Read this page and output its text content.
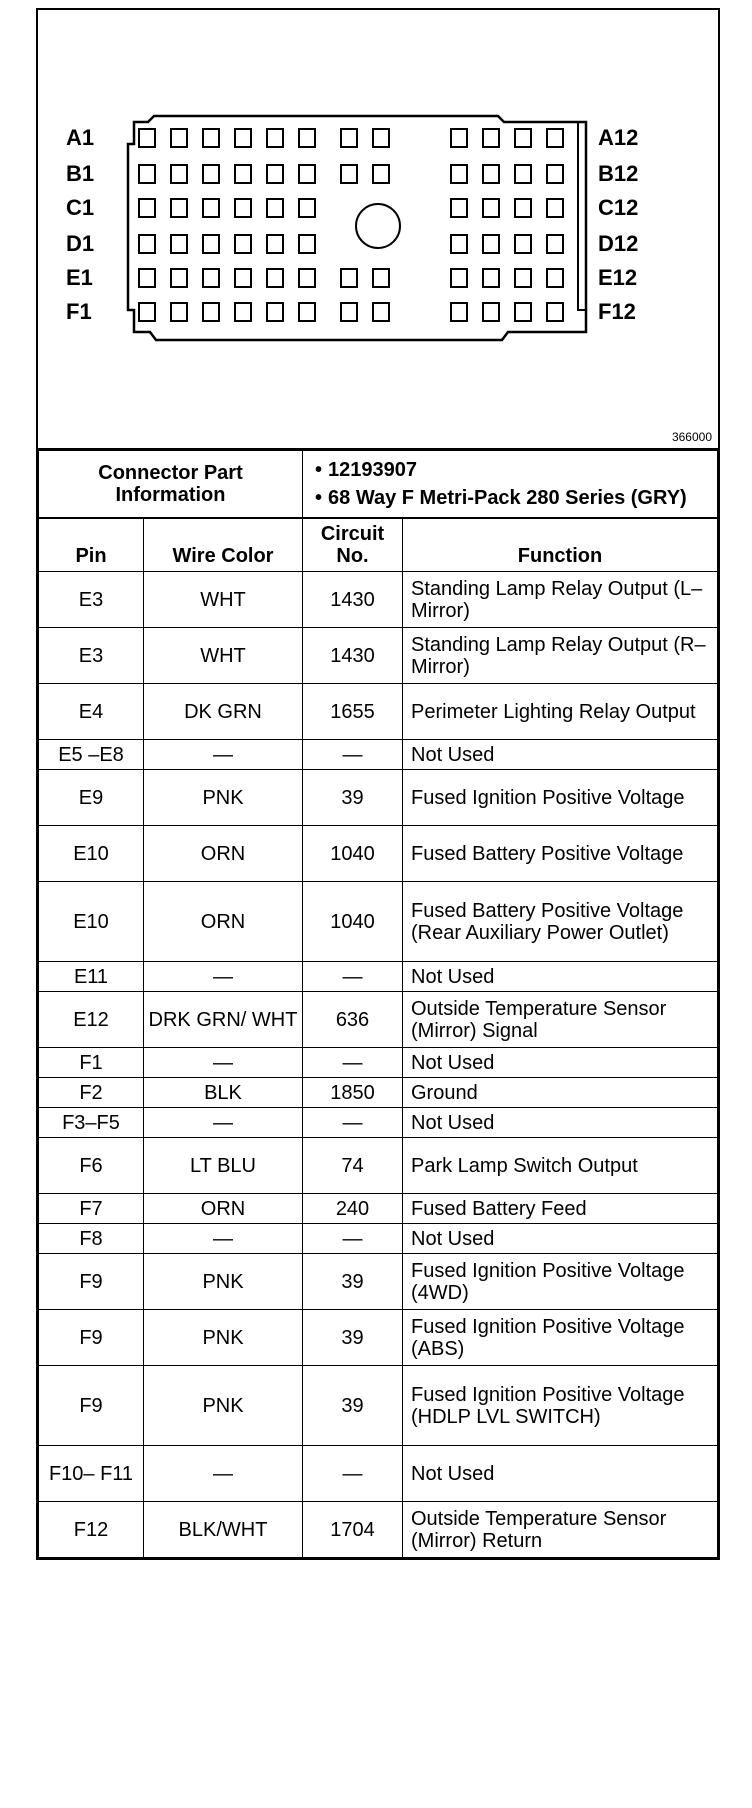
A1
B1
C1
D1
E1
F1
A12
B12
C12
D12
E12
F12
366000
Connector Part Information	
• 12193907
• 68 Way F Metri-Pack 280 Series (GRY)
Pin	Wire Color	Circuit No.	Function
E3	WHT	1430	Standing Lamp Relay Output (L–Mirror)
E3	WHT	1430	Standing Lamp Relay Output (R–Mirror)
E4	DK GRN	1655	Perimeter Lighting Relay Output
E5 –E8	—	—	Not Used
E9	PNK	39	Fused Ignition Positive Voltage
E10	ORN	1040	Fused Battery Positive Voltage
E10	ORN	1040	Fused Battery Positive Voltage (Rear Auxiliary Power Outlet)
E11	—	—	Not Used
E12	DRK GRN/ WHT	636	Outside Temperature Sensor (Mirror) Signal
F1	—	—	Not Used
F2	BLK	1850	Ground
F3–F5	—	—	Not Used
F6	LT BLU	74	Park Lamp Switch Output
F7	ORN	240	Fused Battery Feed
F8	—	—	Not Used
F9	PNK	39	Fused Ignition Positive Voltage (4WD)
F9	PNK	39	Fused Ignition Positive Voltage (ABS)
F9	PNK	39	Fused Ignition Positive Voltage (HDLP LVL SWITCH)
F10– F11	—	—	Not Used
F12	BLK/WHT	1704	Outside Temperature Sensor (Mirror) Return
